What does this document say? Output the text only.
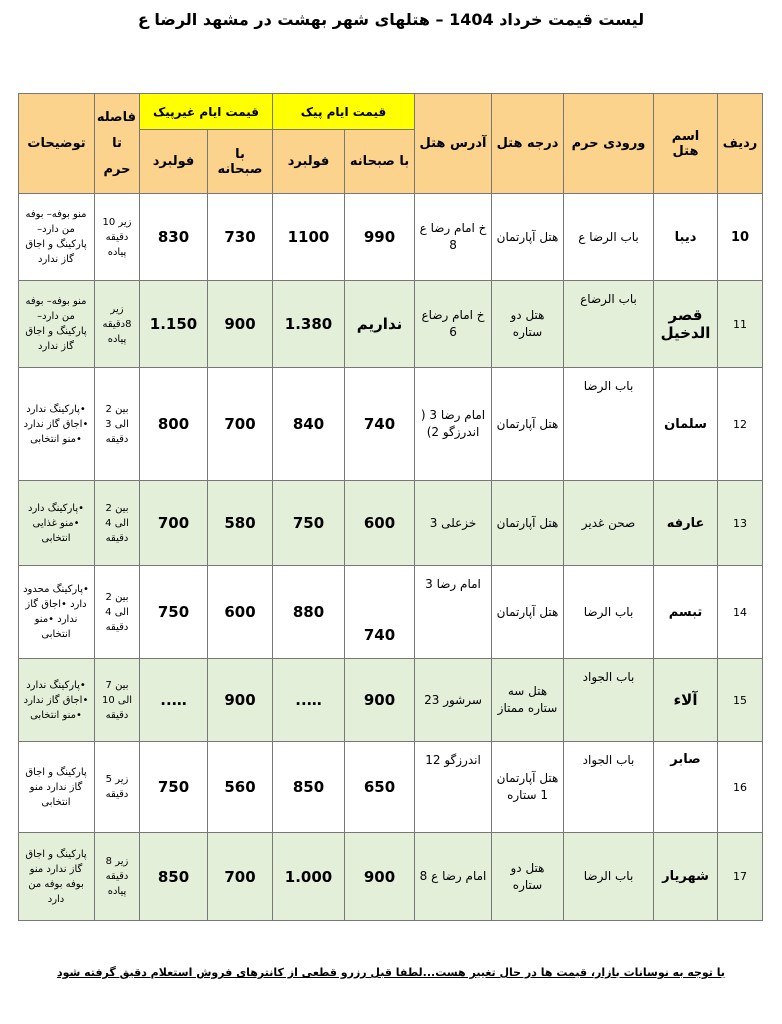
لیست قیمت خرداد 1404 – هتلهای شهر بهشت در مشهد الرضا ع
ردیف	اسم هتل	ورودی حرم	درجه هتل	آدرس هتل	قیمت ایام پیک		قیمت ایام غیرپیک		فاصله تا حرم	توضیحات
					با صبحانه	فولبرد	با صبحانه	فولبرد		
10	دیبا	باب الرضا ع	هتل آپارتمان	خ امام رضا ع 8	990	1100	730	830	زیر 10 دقیقه پیاده	منو بوفه– بوفه من دارد– پارکینگ و اجاق گاز ندارد
11	قصر الدخیل	باب الرضاع	هتل دو ستاره	خ امام رضاع 6	نداریم	1.380	900	1.150	زیر 8دقیقه پیاده	منو بوفه– بوفه من دارد– پارکینگ و اجاق گاز ندارد
12	سلمان	باب الرضا	هتل آپارتمان	امام رضا 3 ( اندرزگو 2)	740	840	700	800	بین 2 الی 3 دقیقه	•پارکینگ ندارد •اجاق گاز ندارد •منو انتخابی
13	عارفه	صحن غدیر	هتل آپارتمان	خزعلی 3	600	750	580	700	بین 2 الی 4 دقیقه	•پارکینگ دارد •منو غذایی انتخابی
14	تبسم	باب الرضا	هتل آپارتمان	امام رضا 3	740	880	600	750	بین 2 الی 4 دقیقه	•پارکینگ محدود دارد •اجاق گاز ندارد •منو انتخابی
15	آلاء	باب الجواد	هتل سه ستاره ممتاز	سرشور 23	900	…..	900	…..	بین 7 الی 10 دقیقه	•پارکینگ ندارد •اجاق گاز ندارد •منو انتخابی
16	صابر	باب الجواد	هتل آپارتمان 1 ستاره	اندرزگو 12	650	850	560	750	زیر 5 دقیقه	پارکینگ و اجاق گاز ندارد منو انتخابی
17	شهریار	باب الرضا	هتل دو ستاره	امام رضا ع 8	900	1.000	700	850	زیر 8 دقیقه پیاده	پارکینگ و اجاق گاز ندارد منو بوفه بوفه من دارد
با توجه به نوسانات بازار، قیمت ها در حال تغییر هست...لطفا قبل رزرو قطعی از کانترهای فروش استعلام دقیق گرفته شود
